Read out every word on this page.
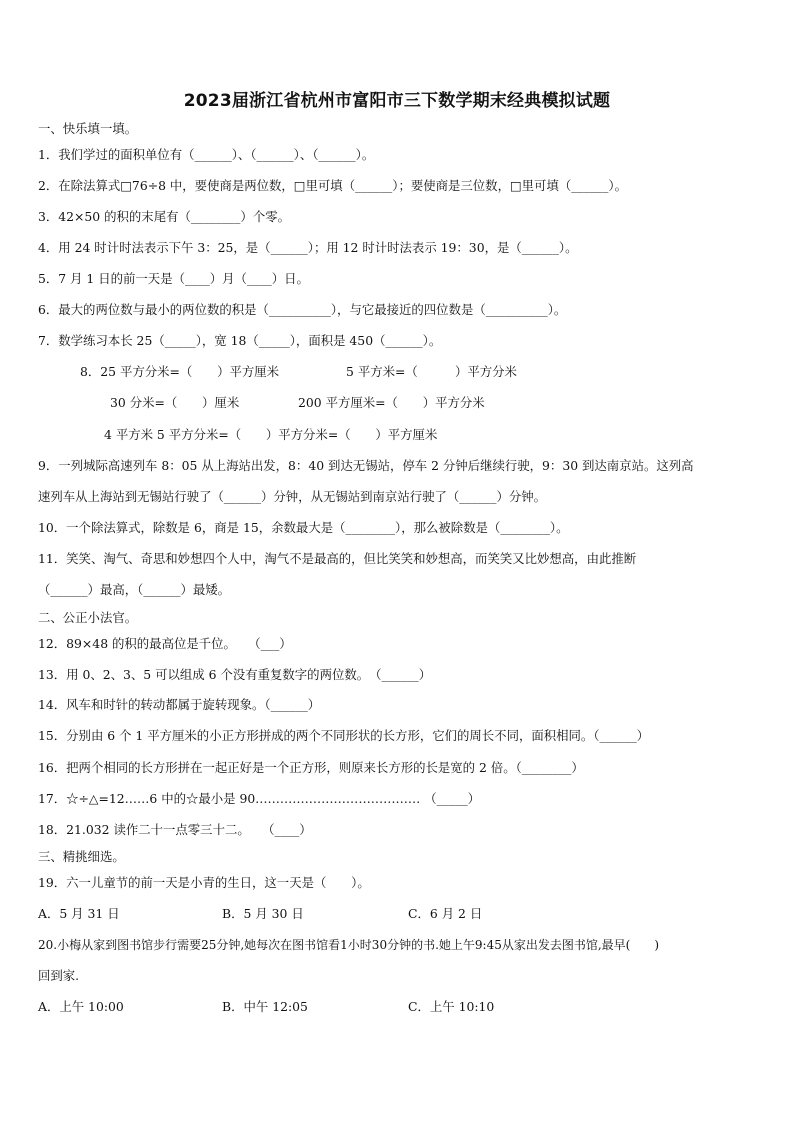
2023届浙江省杭州市富阳市三下数学期末经典模拟试题
一、快乐填一填。
1．我们学过的面积单位有（______）、（______）、（______）。
2．在除法算式□76÷8 中，要使商是两位数，□里可填（______）；要使商是三位数，□里可填（______）。
3．42×50 的积的末尾有（________）个零。
4．用 24 时计时法表示下午 3：25，是（______）；用 12 时计时法表示 19：30，是（______）。
5．7 月 1 日的前一天是（____）月（____）日。
6．最大的两位数与最小的两位数的积是（__________），与它最接近的四位数是（__________）。
7．数学练习本长 25（_____），宽 18（_____），面积是 450（______）。
8．25 平方分米=（　　）平方厘米	5 平方米=（　　　）平方分米
30 分米=（　　）厘米	200 平方厘米=（　　）平方分米
4 平方米 5 平方分米=（　　）平方分米=（　　）平方厘米
9．一列城际高速列车 8：05 从上海站出发，8：40 到达无锡站，停车 2 分钟后继续行驶，9：30 到达南京站。这列高
速列车从上海站到无锡站行驶了（______）分钟，从无锡站到南京站行驶了（______）分钟。
10．一个除法算式，除数是 6，商是 15，余数最大是（________），那么被除数是（________）。
11．笑笑、淘气、奇思和妙想四个人中，淘气不是最高的，但比笑笑和妙想高，而笑笑又比妙想高，由此推断
（______）最高，（______）最矮。
二、公正小法官。
12．89×48 的积的最高位是千位。　　（___）
13．用 0、2、3、5 可以组成 6 个没有重复数字的两位数。　（______）
14．风车和时针的转动都属于旋转现象。（______）
15．分别由 6 个 1 平方厘米的小正方形拼成的两个不同形状的长方形，它们的周长不同，面积相同。（______）
16．把两个相同的长方形拼在一起正好是一个正方形，则原来长方形的长是宽的 2 倍。（________）
17．☆÷△=12……6 中的☆最小是 90.………………………………… （_____）
18．21.032 读作二十一点零三十二。　　（____）
三、精挑细选。
19．六一儿童节的前一天是小青的生日，这一天是（　　）。
A．5 月 31 日	B．5 月 30 日	C．6 月 2 日
20.小梅从家到图书馆步行需要25分钟,她每次在图书馆看1小时30分钟的书.她上午9:45从家出发去图书馆,最早(　　)
回到家.
A．上午 10:00	B．中午 12:05	C．上午 10:10
